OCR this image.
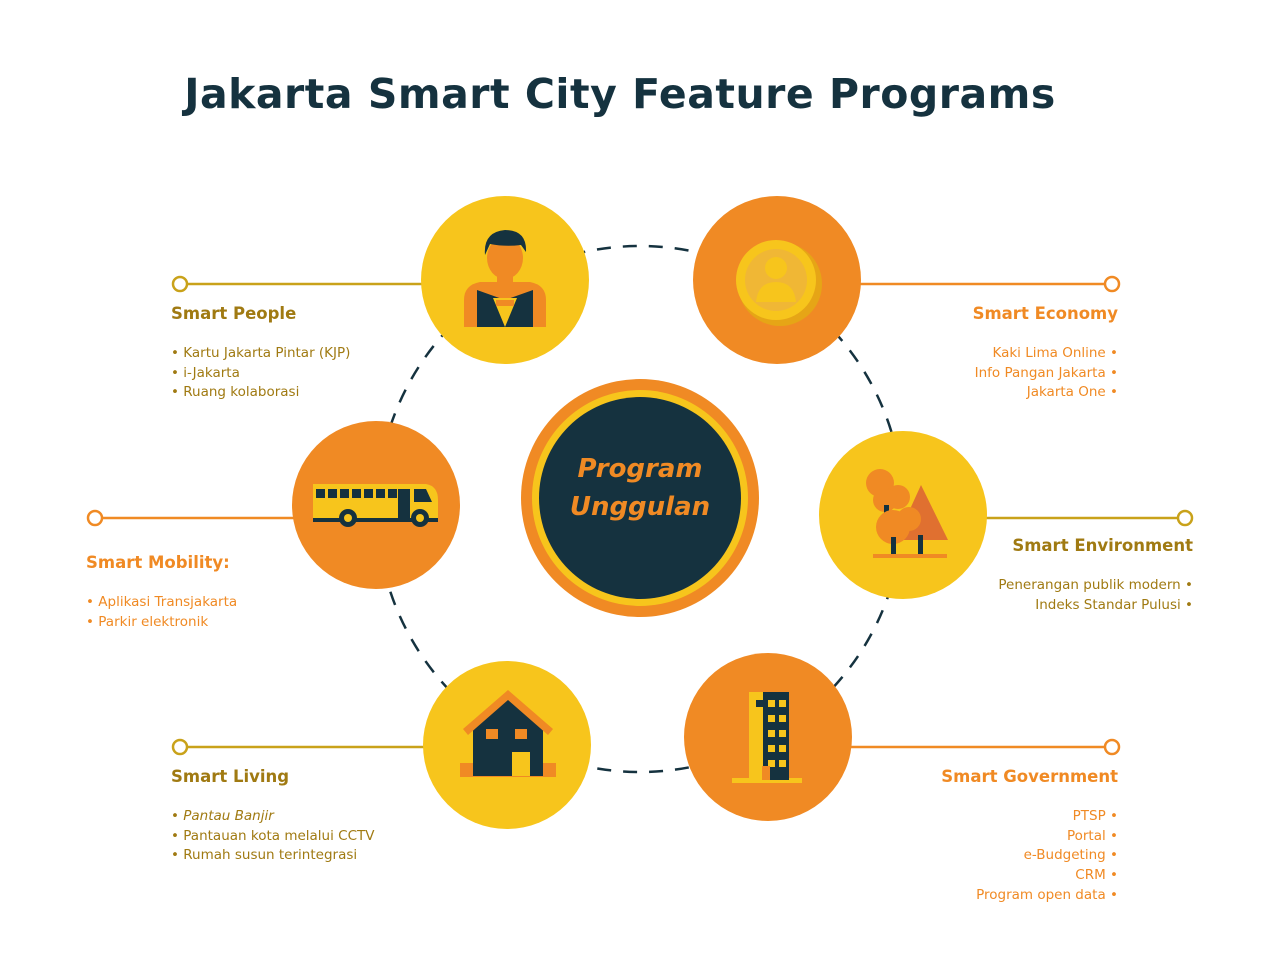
Jakarta Smart City Feature Programs
Program
Unggulan
Smart People
• Kartu Jakarta Pintar (KJP)
• i-Jakarta
• Ruang kolaborasi
Smart Economy
Kaki Lima Online •
Info Pangan Jakarta •
Jakarta One •
Smart Mobility:
• Aplikasi Transjakarta
• Parkir elektronik
Smart Environment
Penerangan publik modern •
Indeks Standar Pulusi •
Smart Living
• Pantau Banjir
• Pantauan kota melalui CCTV
• Rumah susun terintegrasi
Smart Government
PTSP •
Portal •
e-Budgeting •
CRM •
Program open data •
